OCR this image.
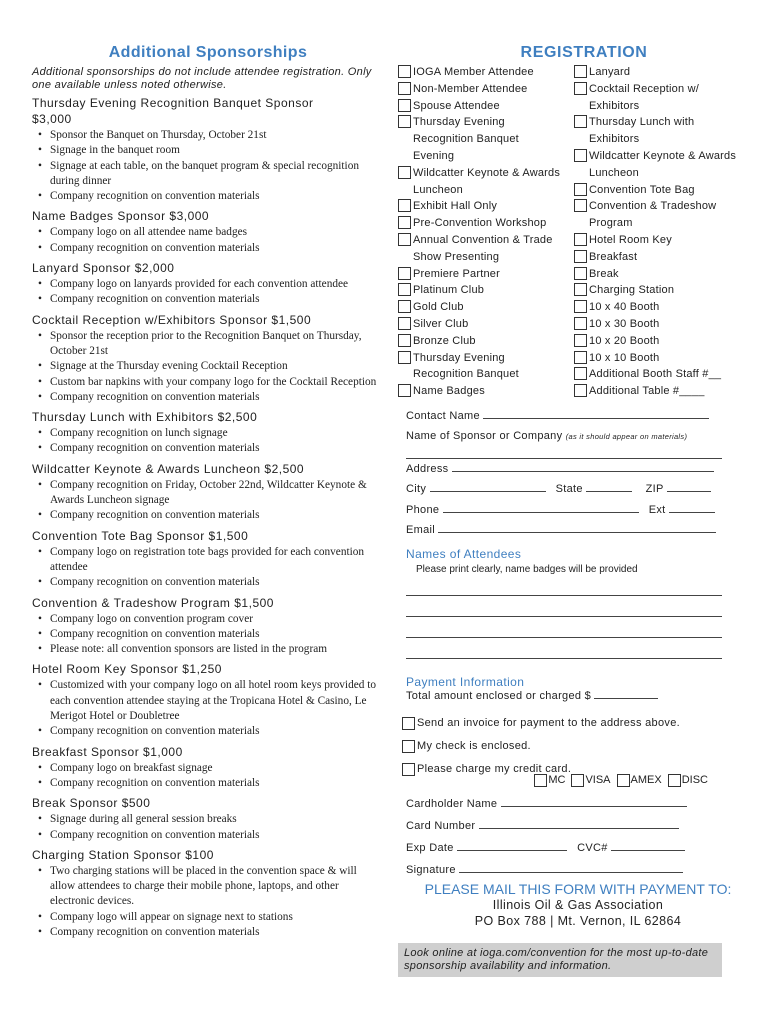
Additional Sponsorships

Additional sponsorships do not include attendee registration. Only one available unless noted otherwise.

Thursday Evening Recognition Banquet Sponsor
$3,000
• Sponsor the Banquet on Thursday, October 21st
• Signage in the banquet room
• Signage at each table, on the banquet program & special recognition during dinner
• Company recognition on convention materials
Name Badges Sponsor $3,000
• Company logo on all attendee name badges
• Company recognition on convention materials
Lanyard Sponsor $2,000
• Company logo on lanyards provided for each convention attendee
• Company recognition on convention materials
Cocktail Reception w/Exhibitors Sponsor $1,500
• Sponsor the reception prior to the Recognition Banquet on Thursday, October 21st
• Signage at the Thursday evening Cocktail Reception
• Custom bar napkins with your company logo for the Cocktail Reception
• Company recognition on convention materials
Thursday Lunch with Exhibitors $2,500
• Company recognition on lunch signage
• Company recognition on convention materials
Wildcatter Keynote & Awards Luncheon $2,500
• Company recognition on Friday, October 22nd, Wildcatter Keynote & Awards Luncheon signage
• Company recognition on convention materials
Convention Tote Bag Sponsor $1,500
• Company logo on registration tote bags provided for each convention attendee
• Company recognition on convention materials
Convention & Tradeshow Program $1,500
• Company logo on convention program cover
• Company recognition on convention materials
• Please note: all convention sponsors are listed in the program
Hotel Room Key Sponsor $1,250
• Customized with your company logo on all hotel room keys provided to each convention attendee staying at the Tropicana Hotel & Casino, Le Merigot Hotel or Doubletree
• Company recognition on convention materials
Breakfast Sponsor $1,000
• Company logo on breakfast signage
• Company recognition on convention materials
Break Sponsor $500
• Signage during all general session breaks
• Company recognition on convention materials
Charging Station Sponsor $100
• Two charging stations will be placed in the convention space & will allow attendees to charge their mobile phone, laptops, and other electronic devices.
• Company logo will appear on signage next to stations
• Company recognition on convention materials
REGISTRATION
IOGA Member Attendee
Non-Member Attendee
Spouse Attendee
Thursday Evening
Recognition Banquet
Evening
Wildcatter Keynote & Awards
Luncheon
Exhibit Hall Only
Pre-Convention Workshop
Annual Convention & Trade
Show Presenting
Premiere Partner
Platinum Club
Gold Club
Silver Club
Bronze Club
Thursday Evening
Recognition Banquet
Name Badges
Lanyard
Cocktail Reception w/
Exhibitors
Thursday Lunch with
Exhibitors
Wildcatter Keynote & Awards
Luncheon
Convention Tote Bag
Convention & Tradeshow
Program
Hotel Room Key
Breakfast
Break
Charging Station
10 x 40 Booth
10 x 30 Booth
10 x 20 Booth
10 x 10 Booth
Additional Booth Staff #__
Additional Table #____
Contact Name
Name of Sponsor or Company (as it should appear on materials)
Address
City	State	ZIP
Phone	Ext
Email
Names of Attendees
Please print clearly, name badges will be provided
Payment Information
Total amount enclosed or charged $
Send an invoice for payment to the address above.
My check is enclosed.
Please charge my credit card.
MC VISA AMEX DISC
Cardholder Name
Card Number
Exp Date	CVC#
Signature
PLEASE MAIL THIS FORM WITH PAYMENT TO:
Illinois Oil & Gas Association
PO Box 788 | Mt. Vernon, IL 62864
Look online at ioga.com/convention for the most up-to-date sponsorship availability and information.
